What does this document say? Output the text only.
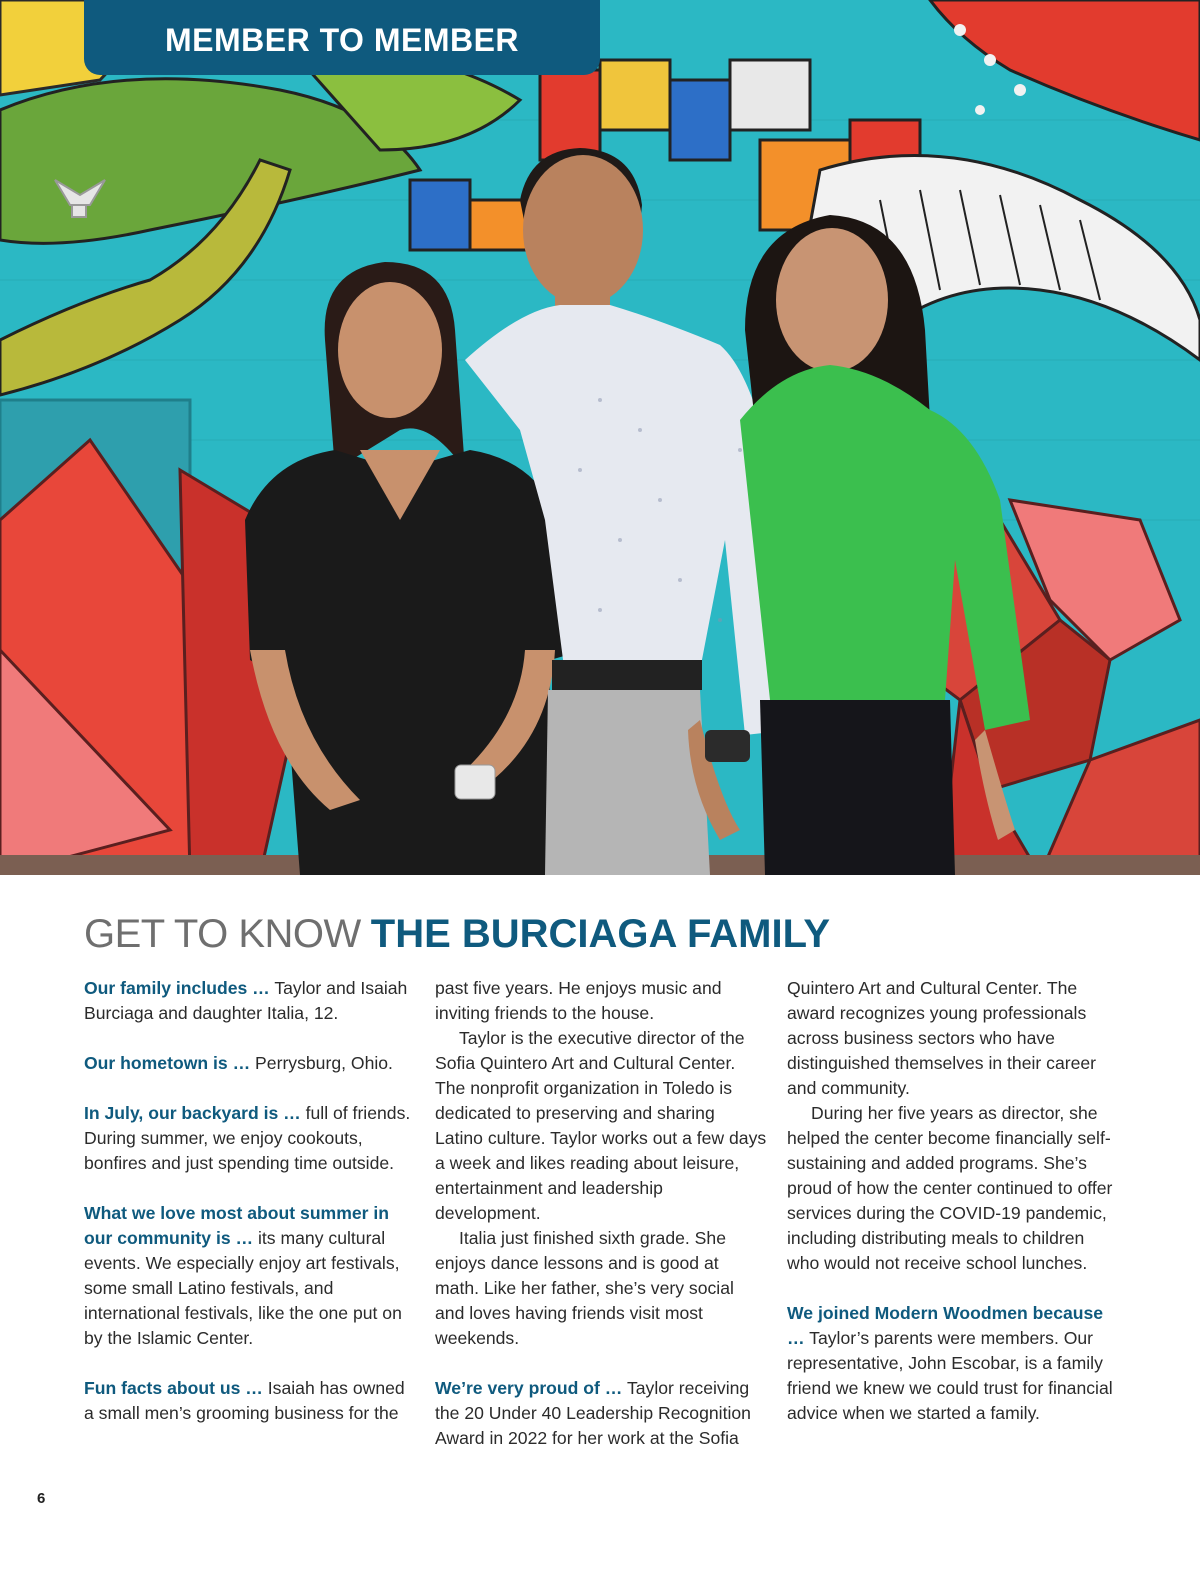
MEMBER TO MEMBER
GET TO KNOW THE BURCIAGA FAMILY

Our family includes … Taylor and Isaiah Burciaga and daughter Italia, 12.

Our hometown is … Perrysburg, Ohio.

In July, our backyard is … full of friends. During summer, we enjoy cookouts, bonfires and just spending time outside.

What we love most about summer in our community is … its many cultural events. We especially enjoy art festivals, some small Latino festivals, and international festivals, like the one put on by the Islamic Center.

Fun facts about us … Isaiah has owned a small men’s grooming business for the

past five years. He enjoys music and inviting friends to the house.

Taylor is the executive director of the Sofia Quintero Art and Cultural Center. The nonprofit organization in Toledo is dedicated to preserving and sharing Latino culture. Taylor works out a few days a week and likes reading about leisure, entertainment and leadership development.

Italia just finished sixth grade. She enjoys dance lessons and is good at math. Like her father, she’s very social and loves having friends visit most weekends.

We’re very proud of … Taylor receiving the 20 Under 40 Leadership Recognition Award in 2022 for her work at the Sofia

Quintero Art and Cultural Center. The award recognizes young professionals across business sectors who have distinguished themselves in their career and community.

During her five years as director, she helped the center become financially self-sustaining and added programs. She’s proud of how the center continued to offer services during the COVID-19 pandemic, including distributing meals to children who would not receive school lunches.

We joined Modern Woodmen because … Taylor’s parents were members. Our representative, John Escobar, is a family friend we knew we could trust for financial advice when we started a family.

6
